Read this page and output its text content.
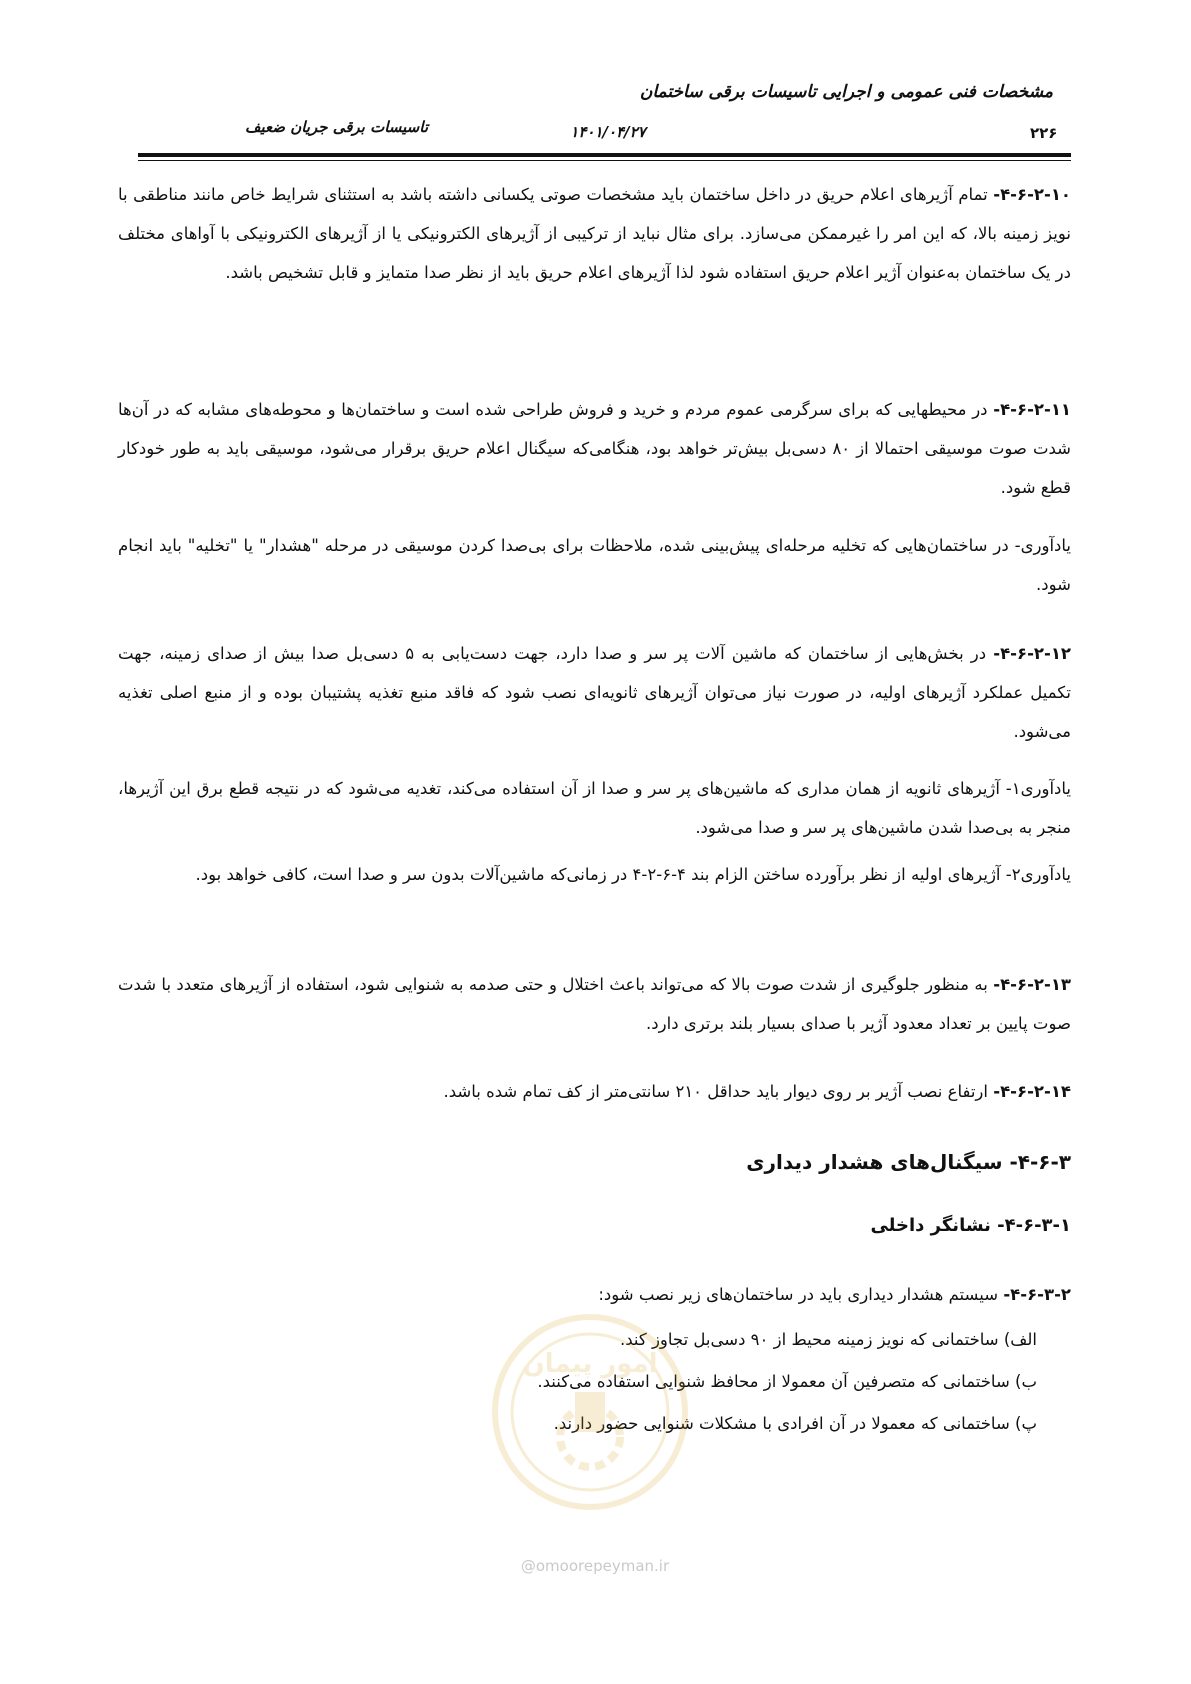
مشخصات فنی عمومی و اجرایی تاسیسات برقی ساختمان
تاسیسات برقی جریان ضعیف	۱۴۰۱/۰۴/۲۷	۲۲۶
۴-۶-۲-۱۰- تمام آژیرهای اعلام حریق در داخل ساختمان باید مشخصات صوتی یکسانی داشته باشد به استثنای شرایط خاص مانند مناطقی با نویز زمینه بالا، که این امر را غیرممکن می‌سازد. برای مثال نباید از ترکیبی از آژیرهای الکترونیکی یا از آژیرهای الکترونیکی با آواهای مختلف در یک ساختمان به‌عنوان آژیر اعلام حریق استفاده شود لذا آژیرهای اعلام حریق باید از نظر صدا متمایز و قابل تشخیص باشد.
۴-۶-۲-۱۱- در محیطهایی که برای سرگرمی عموم مردم و خرید و فروش طراحی شده است و ساختمان‌ها و محوطه‌های مشابه که در آن‌ها شدت صوت موسیقی احتمالا از ۸۰ دسی‌بل بیش‌تر خواهد بود، هنگامی‌که سیگنال اعلام حریق برقرار می‌شود، موسیقی باید به طور خودکار قطع شود.
یادآوری- در ساختمان‌هایی که تخلیه مرحله‌ای پیش‌بینی شده، ملاحظات برای بی‌صدا کردن موسیقی در مرحله "هشدار" یا "تخلیه" باید انجام شود.
۴-۶-۲-۱۲- در بخش‌هایی از ساختمان که ماشین آلات پر سر و صدا دارد، جهت دست‌یابی به ۵ دسی‌بل صدا بیش از صدای زمینه، جهت تکمیل عملکرد آژیرهای اولیه، در صورت نیاز می‌توان آژیرهای ثانویه‌ای نصب شود که فاقد منبع تغذیه پشتیبان بوده و از منبع اصلی تغذیه می‌شود.
یادآوری۱- آژیرهای ثانویه از همان مداری که ماشین‌های پر سر و صدا از آن استفاده می‌کند، تغدیه می‌شود که در نتیجه قطع برق این آژیرها، منجر به بی‌صدا شدن ماشین‌های پر سر و صدا می‌شود.
یادآوری۲- آژیرهای اولیه از نظر برآورده ساختن الزام بند ۴-۶-۲-۴ در زمانی‌که ماشین‌آلات بدون سر و صدا است، کافی خواهد بود.
۴-۶-۲-۱۳- به منظور جلوگیری از شدت صوت بالا که می‌تواند باعث اختلال و حتی صدمه به شنوایی شود، استفاده از آژیرهای متعدد با شدت صوت پایین بر تعداد معدود آژیر با صدای بسیار بلند برتری دارد.
۴-۶-۲-۱۴- ارتفاع نصب آژیر بر روی دیوار باید حداقل ۲۱۰ سانتی‌متر از کف تمام شده باشد.
۴-۶-۳- سیگنال‌های هشدار دیداری
۴-۶-۳-۱- نشانگر داخلی
۴-۶-۳-۲- سیستم هشدار دیداری باید در ساختمان‌های زیر نصب شود:
الف) ساختمانی که نویز زمینه محیط از ۹۰ دسی‌بل تجاوز کند.
ب) ساختمانی که متصرفین آن معمولا از محافظ شنوایی استفاده می‌کنند.
پ) ساختمانی که معمولا در آن افرادی با مشکلات شنوایی حضور دارند.
امور پیمان
@omoorepeyman.ir
